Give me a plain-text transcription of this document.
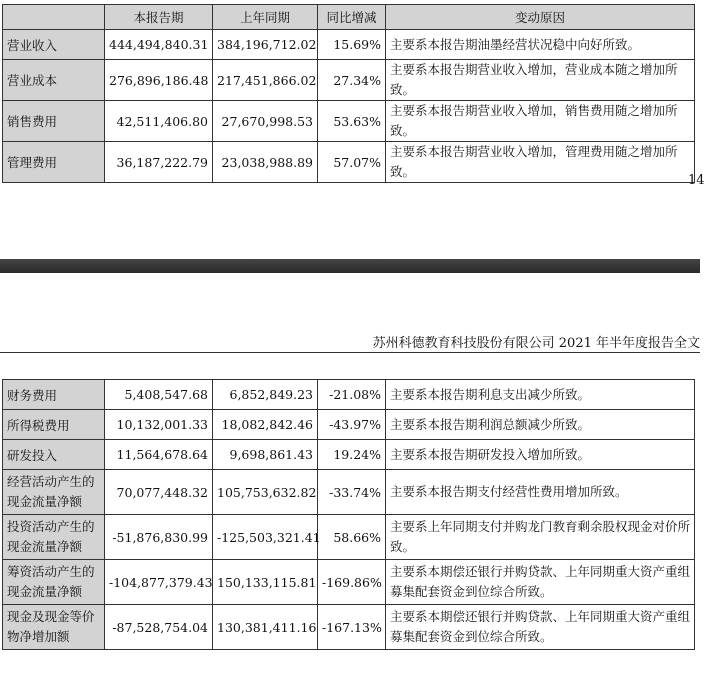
	本报告期	上年同期	同比增减	变动原因
营业收入	444,494,840.31	384,196,712.02	15.69%	主要系本报告期油墨经营状况稳中向好所致。
营业成本	276,896,186.48	217,451,866.02	27.34%	主要系本报告期营业收入增加，营业成本随之增加所致。
销售费用	42,511,406.80	27,670,998.53	53.63%	主要系本报告期营业收入增加，销售费用随之增加所致。
管理费用	36,187,222.79	23,038,988.89	57.07%	主要系本报告期营业收入增加，管理费用随之增加所致。
14
苏州科德教育科技股份有限公司 2021 年半年度报告全文
财务费用	5,408,547.68	6,852,849.23	-21.08%	主要系本报告期利息支出减少所致。
所得税费用	10,132,001.33	18,082,842.46	-43.97%	主要系本报告期利润总额减少所致。
研发投入	11,564,678.64	9,698,861.43	19.24%	主要系本报告期研发投入增加所致。
经营活动产生的现金流量净额	70,077,448.32	105,753,632.82	-33.74%	主要系本报告期支付经营性费用增加所致。
投资活动产生的现金流量净额	-51,876,830.99	-125,503,321.41	58.66%	主要系上年同期支付并购龙门教育剩余股权现金对价所致。
筹资活动产生的现金流量净额	-104,877,379.43	150,133,115.81	-169.86%	主要系本期偿还银行并购贷款、上年同期重大资产重组募集配套资金到位综合所致。
现金及现金等价物净增加额	-87,528,754.04	130,381,411.16	-167.13%	主要系本期偿还银行并购贷款、上年同期重大资产重组募集配套资金到位综合所致。
